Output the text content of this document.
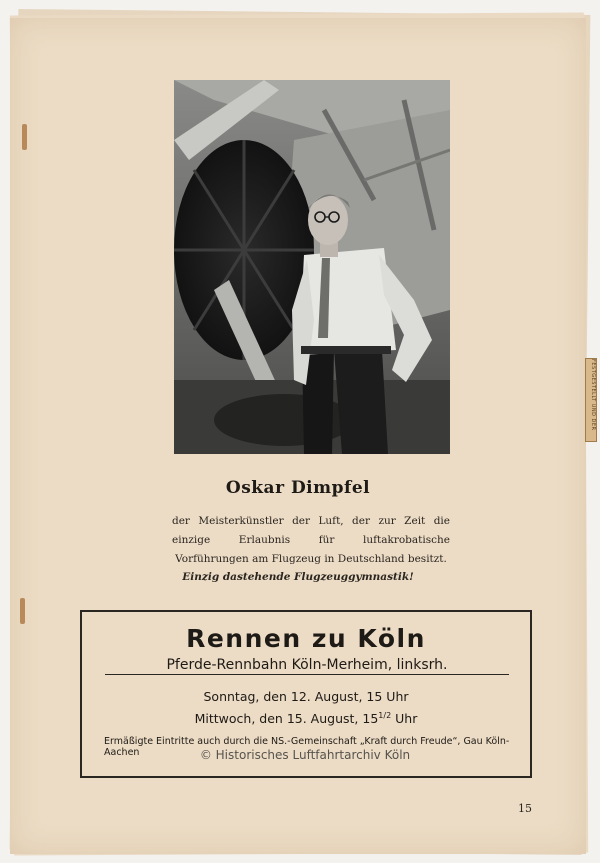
FESTGESTELLT UND DER
Oskar Dimpfel
der Meisterkünstler der Luft, der zur Zeit die einzige Erlaubnis für luftakrobatische Vorführungen am Flugzeug in Deutschland besitzt.
Einzig dastehende Flugzeuggymnastik!
Rennen zu Köln
Pferde-Rennbahn Köln-Merheim, linksrh.
Sonntag, den 12. August, 15 Uhr
Mittwoch, den 15. August, $15^{1/2}$ Uhr
Ermäßigte Eintritte auch durch die NS.-Gemeinschaft „Kraft durch Freude“, Gau Köln-Aachen	© Historisches Luftfahrtarchiv Köln
15
